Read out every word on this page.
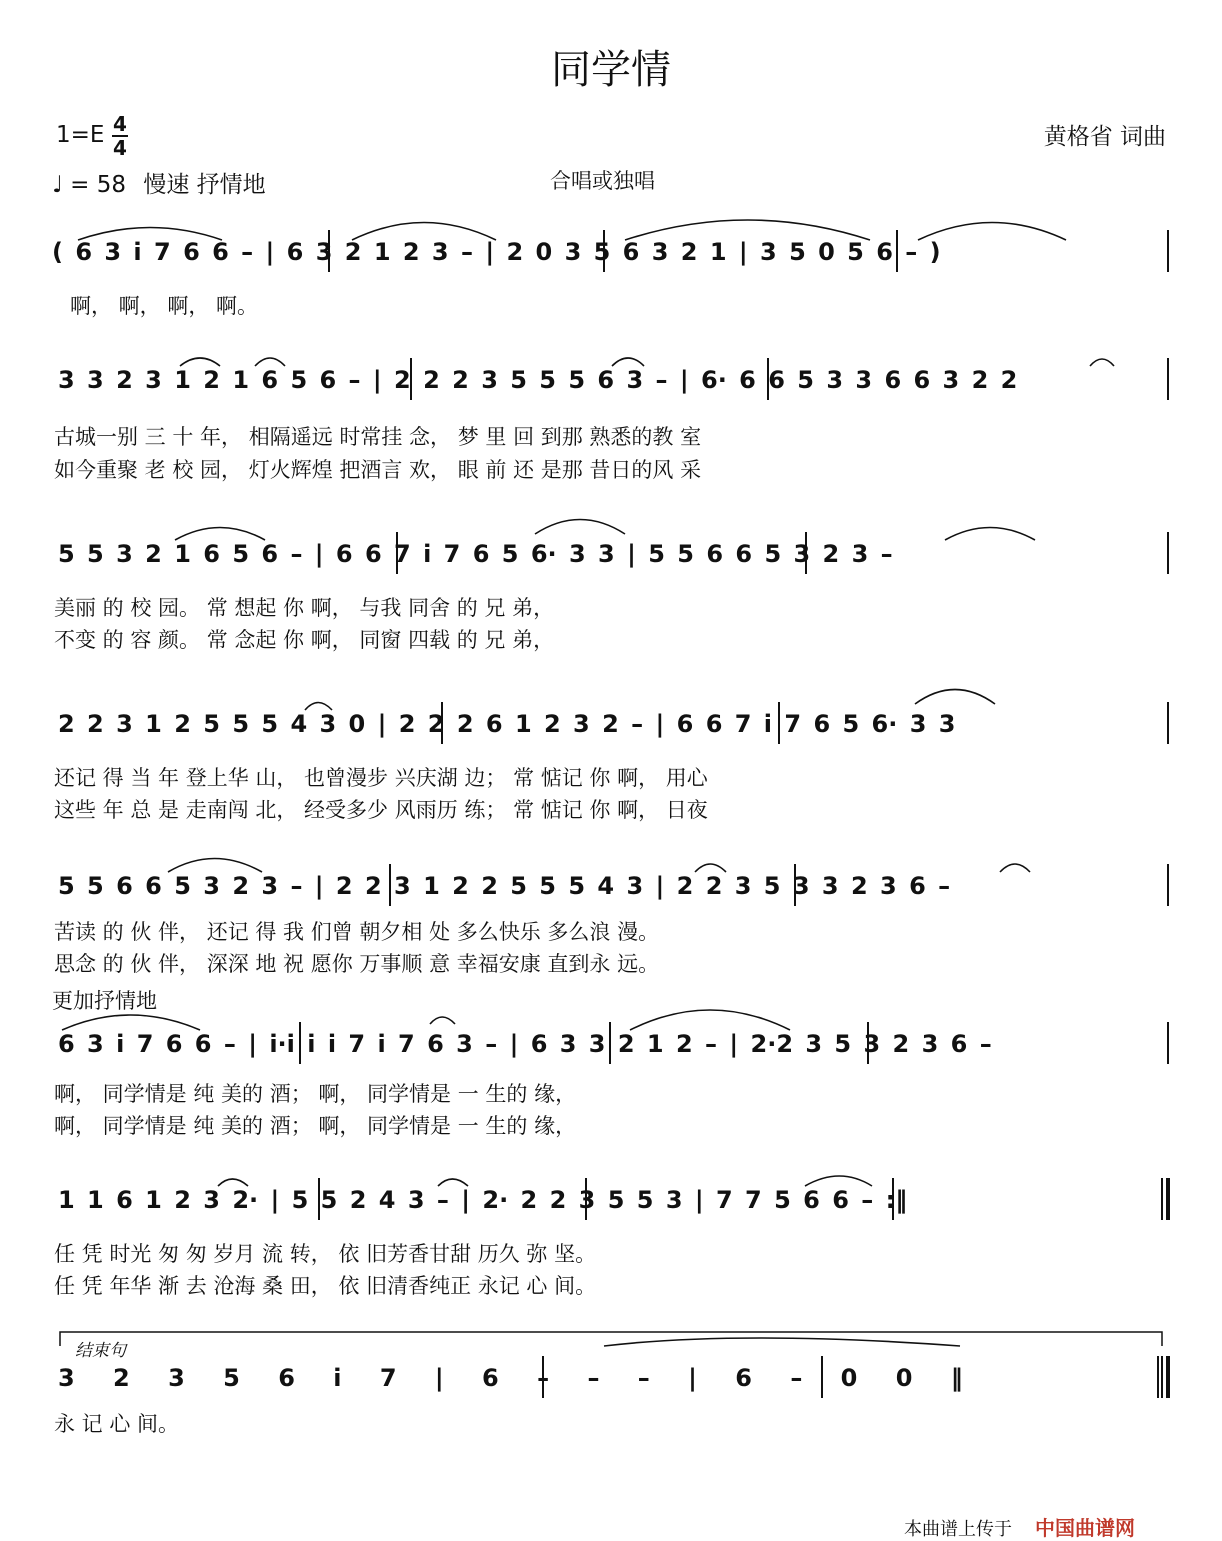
同学情
1=E 4
4
♩ = 58 慢速 抒情地
黄格省 词曲
合唱或独唱
( 6 3 i̇ 7 6 6 – | 6 3 2 1 2 3 – | 2 0 3 5 6 3 2 1 | 3 5 0 5 6 – )
啊， 啊， 啊， 啊。
3 3 2 3 1 2 1 6 5 6 – | 2 2 2 3 5 5 5 6 3 – | 6· 6 6 5 3 3 6 6 3 2 2
古城一别 三 十 年， 相隔遥远 时常挂 念， 梦 里 回 到那 熟悉的教 室
如今重聚 老 校 园， 灯火辉煌 把酒言 欢， 眼 前 还 是那 昔日的风 采
5 5 3 2 1 6 5 6 – | 6 6 7 i̇ 7 6 5 6· 3 3 | 5 5 6 6 5 3 2 3 –
美丽 的 校 园。 常 想起 你 啊， 与我 同舍 的 兄 弟，
不变 的 容 颜。 常 念起 你 啊， 同窗 四载 的 兄 弟，
2 2 3 1 2 5 5 5 4 3 0 | 2 2 2 6 1 2 3 2 – | 6 6 7 i̇ 7 6 5 6· 3 3
还记 得 当 年 登上华 山， 也曾漫步 兴庆湖 边； 常 惦记 你 啊， 用心
这些 年 总 是 走南闯 北， 经受多少 风雨历 练； 常 惦记 你 啊， 日夜
5 5 6 6 5 3 2 3 – | 2 2 3 1 2 2 5 5 5 4 3 | 2 2 3 5 3 3 2 3 6 –
苦读 的 伙 伴， 还记 得 我 们曾 朝夕相 处 多么快乐 多么浪 漫。
思念 的 伙 伴， 深深 地 祝 愿你 万事顺 意 幸福安康 直到永 远。
更加抒情地
6 3 i̇ 7 6 6 – | i̇·i̇ i̇ i̇ 7 i̇ 7 6 3 – | 6 3 3 2 1 2 – | 2·2 3 5 3 2 3 6 –
啊， 同学情是 纯 美的 酒； 啊， 同学情是 一 生的 缘，
啊， 同学情是 纯 美的 酒； 啊， 同学情是 一 生的 缘，
1 1 6 1 2 3 2· | 5 5 2 4 3 – | 2· 2 2 3 5 5 3 | 7 7 5 6 6 – :‖
任 凭 时光 匆 匆 岁月 流 转， 依 旧芳香甘甜 历久 弥 坚。
任 凭 年华 渐 去 沧海 桑 田， 依 旧清香纯正 永记 心 间。
结束句
3 2 3 5 6 i̇ 7 | 6 – – – | 6 – 0 0 ‖
永 记 心 间。
本曲谱上传于 中国曲谱网
